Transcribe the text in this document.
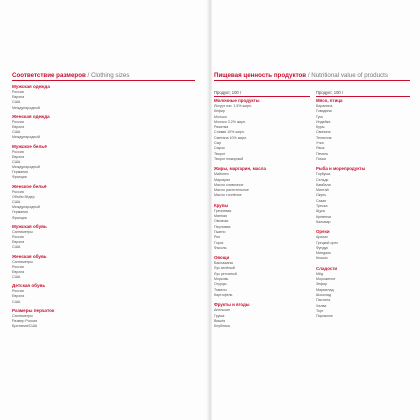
Соответствие размеров / Clothing sizes
Мужская одежда
Россия
Европа
США
Международный
Женская одежда
Россия
Европа
США
Международный
Мужское бельё
Россия
Европа
США
Международный
Германия
Франция
Женское бельё
Россия
Объём бёдер
США
Международный
Германия
Франция
Мужская обувь
Сантиметры
Россия
Европа
США
Женская обувь
Сантиметры
Россия
Европа
США
Детская обувь
Россия
Европа
США
Размеры перчаток
Сантиметры
Размер Россия
Британия/США
Пищевая ценность продуктов / Nutritional value of products
Продукт, 100 г	Продукт, 100 г
Молочные продукты
Йогурт нат. 1,5% жирн.
Кефир
Молоко
Молоко 3,2% жирн.
Ряженка
Сливки 10% жирн.
Сметана 10% жирн.
Сыр
Сырок
Творог
Творог нежирный
Жиры, маргарин, масла
Майонез
Маргарин
Масло сливочное
Масло растительное
Масло топлёное
Крупы
Гречневая
Манная
Овсяная
Перловая
Пшено
Рис
Горох
Фасоль
Овощи
Баклажаны
Лук зелёный
Лук репчатый
Морковь
Огурцы
Томаты
Картофель
Фрукты и ягоды
Апельсин
Груша
Вишня
Клубника
Мясо, птица
Баранина
Говядина
Гусь
Индейка
Куры
Свинина
Телятина
Утка
Язык
Печень
Почки
Рыба и морепродукты
Горбуша
Сельдь
Камбала
Минтай
Окунь
Сазан
Треска
Щука
Креветки
Кальмар
Орехи
Арахис
Грецкий орех
Фундук
Миндаль
Кешью
Сладости
Мёд
Мороженое
Зефир
Мармелад
Шоколад
Пастила
Халва
Торт
Пирожное
